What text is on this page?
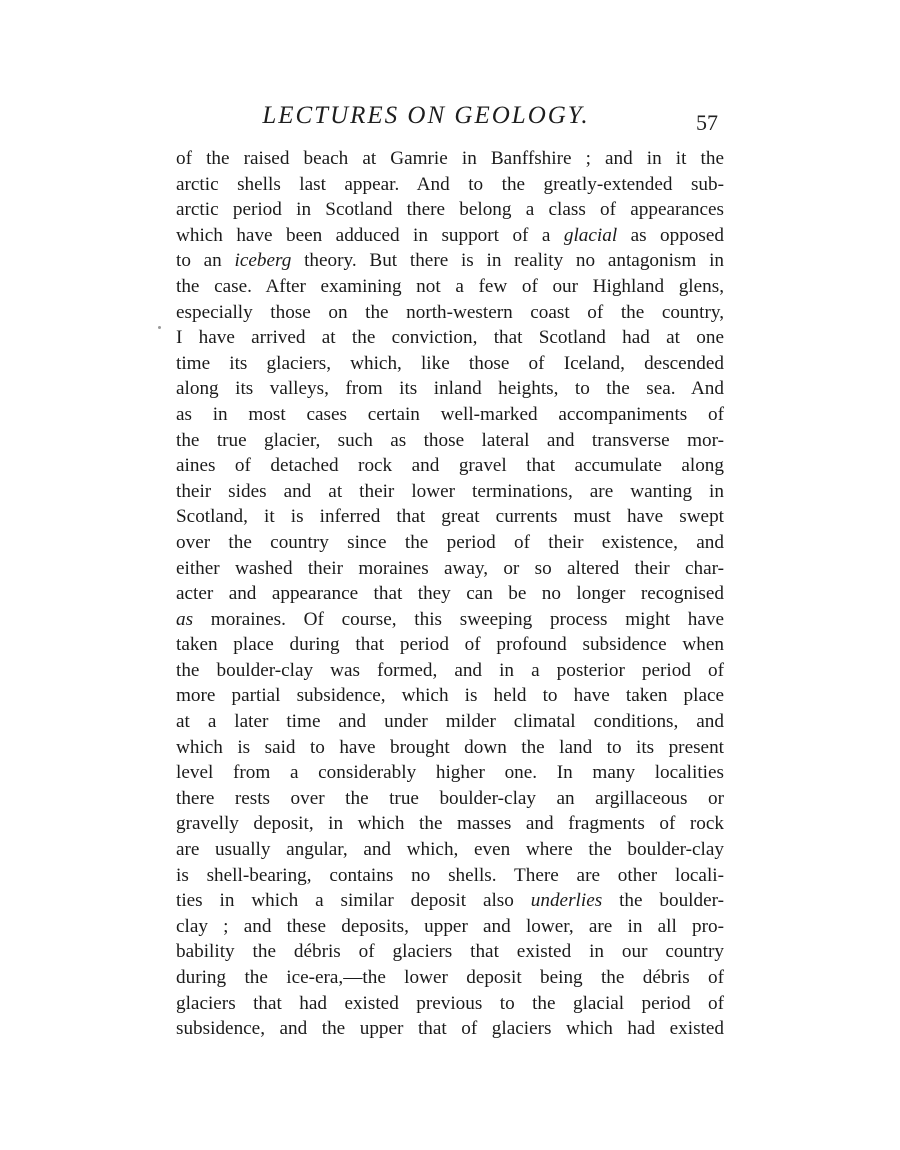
LECTURES ON GEOLOGY.	57
of the raised beach at Gamrie in Banffshire ; and in it the
arctic shells last appear. And to the greatly-extended sub-
arctic period in Scotland there belong a class of appearances
which have been adduced in support of a glacial as opposed
to an iceberg theory. But there is in reality no antagonism in
the case. After examining not a few of our Highland glens,
especially those on the north-western coast of the country,
I have arrived at the conviction, that Scotland had at one
time its glaciers, which, like those of Iceland, descended
along its valleys, from its inland heights, to the sea. And
as in most cases certain well-marked accompaniments of
the true glacier, such as those lateral and transverse mor-
aines of detached rock and gravel that accumulate along
their sides and at their lower terminations, are wanting in
Scotland, it is inferred that great currents must have swept
over the country since the period of their existence, and
either washed their moraines away, or so altered their char-
acter and appearance that they can be no longer recognised
as moraines. Of course, this sweeping process might have
taken place during that period of profound subsidence when
the boulder-clay was formed, and in a posterior period of
more partial subsidence, which is held to have taken place
at a later time and under milder climatal conditions, and
which is said to have brought down the land to its present
level from a considerably higher one. In many localities
there rests over the true boulder-clay an argillaceous or
gravelly deposit, in which the masses and fragments of rock
are usually angular, and which, even where the boulder-clay
is shell-bearing, contains no shells. There are other locali-
ties in which a similar deposit also underlies the boulder-
clay ; and these deposits, upper and lower, are in all pro-
bability the débris of glaciers that existed in our country
during the ice-era,—the lower deposit being the débris of
glaciers that had existed previous to the glacial period of
subsidence, and the upper that of glaciers which had existed
